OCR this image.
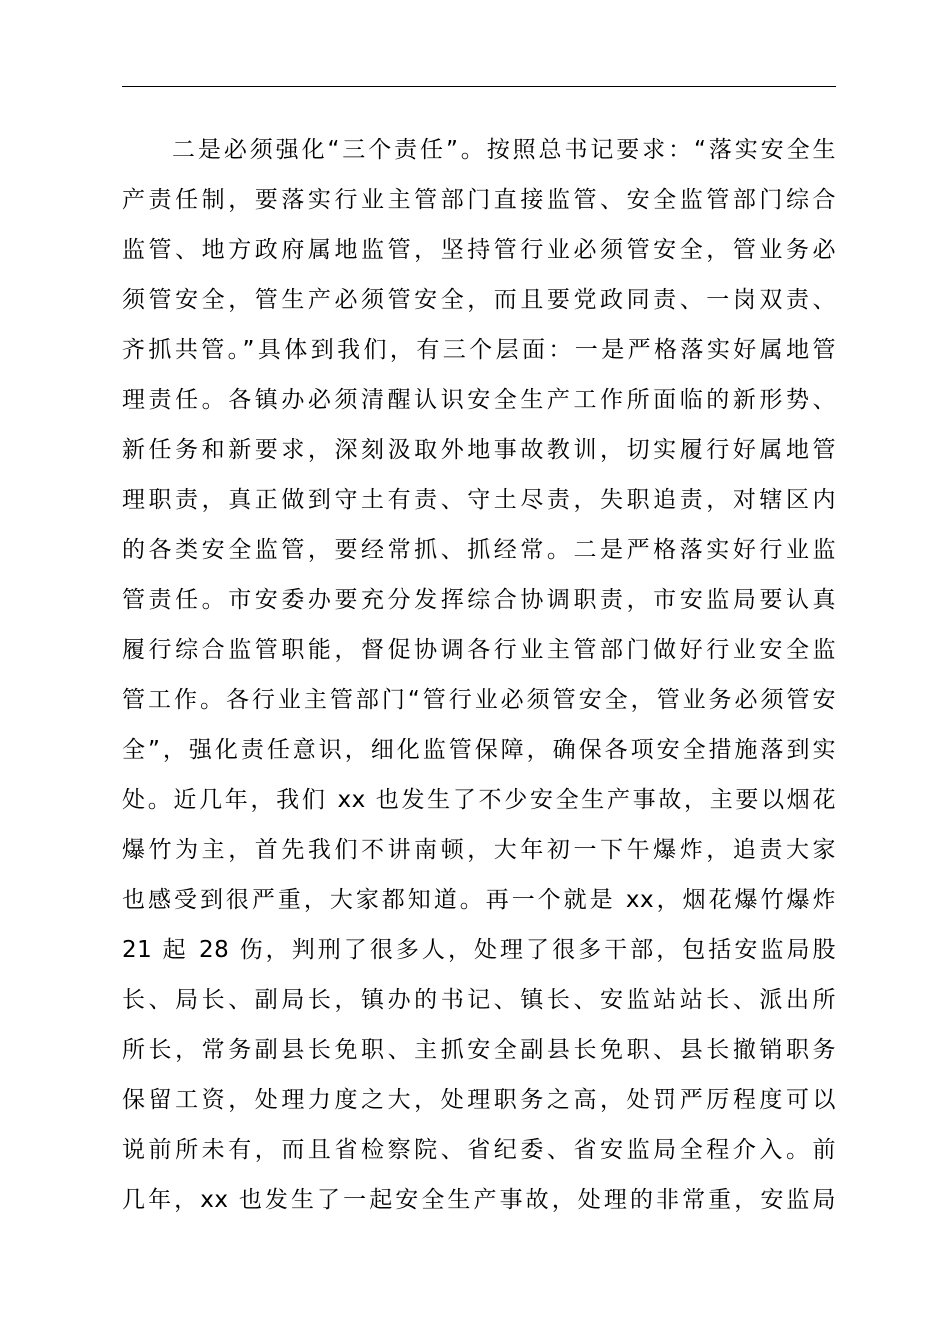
二是必须强化“三个责任”。按照总书记要求：“落实安全生
产责任制，要落实行业主管部门直接监管、安全监管部门综合
监管、地方政府属地监管，坚持管行业必须管安全，管业务必
须管安全，管生产必须管安全，而且要党政同责、一岗双责、
齐抓共管。”具体到我们，有三个层面：一是严格落实好属地管
理责任。各镇办必须清醒认识安全生产工作所面临的新形势、
新任务和新要求，深刻汲取外地事故教训，切实履行好属地管
理职责，真正做到守土有责、守土尽责，失职追责，对辖区内
的各类安全监管，要经常抓、抓经常。二是严格落实好行业监
管责任。市安委办要充分发挥综合协调职责，市安监局要认真
履行综合监管职能，督促协调各行业主管部门做好行业安全监
管工作。各行业主管部门“管行业必须管安全，管业务必须管安
全”，强化责任意识，细化监管保障，确保各项安全措施落到实
处。近几年，我们 xx 也发生了不少安全生产事故，主要以烟花
爆竹为主，首先我们不讲南顿，大年初一下午爆炸，追责大家
也感受到很严重，大家都知道。再一个就是 xx，烟花爆竹爆炸
21 起 28 伤，判刑了很多人，处理了很多干部，包括安监局股
长、局长、副局长，镇办的书记、镇长、安监站站长、派出所
所长，常务副县长免职、主抓安全副县长免职、县长撤销职务
保留工资，处理力度之大，处理职务之高，处罚严厉程度可以
说前所未有，而且省检察院、省纪委、省安监局全程介入。前
几年，xx 也发生了一起安全生产事故，处理的非常重，安监局
